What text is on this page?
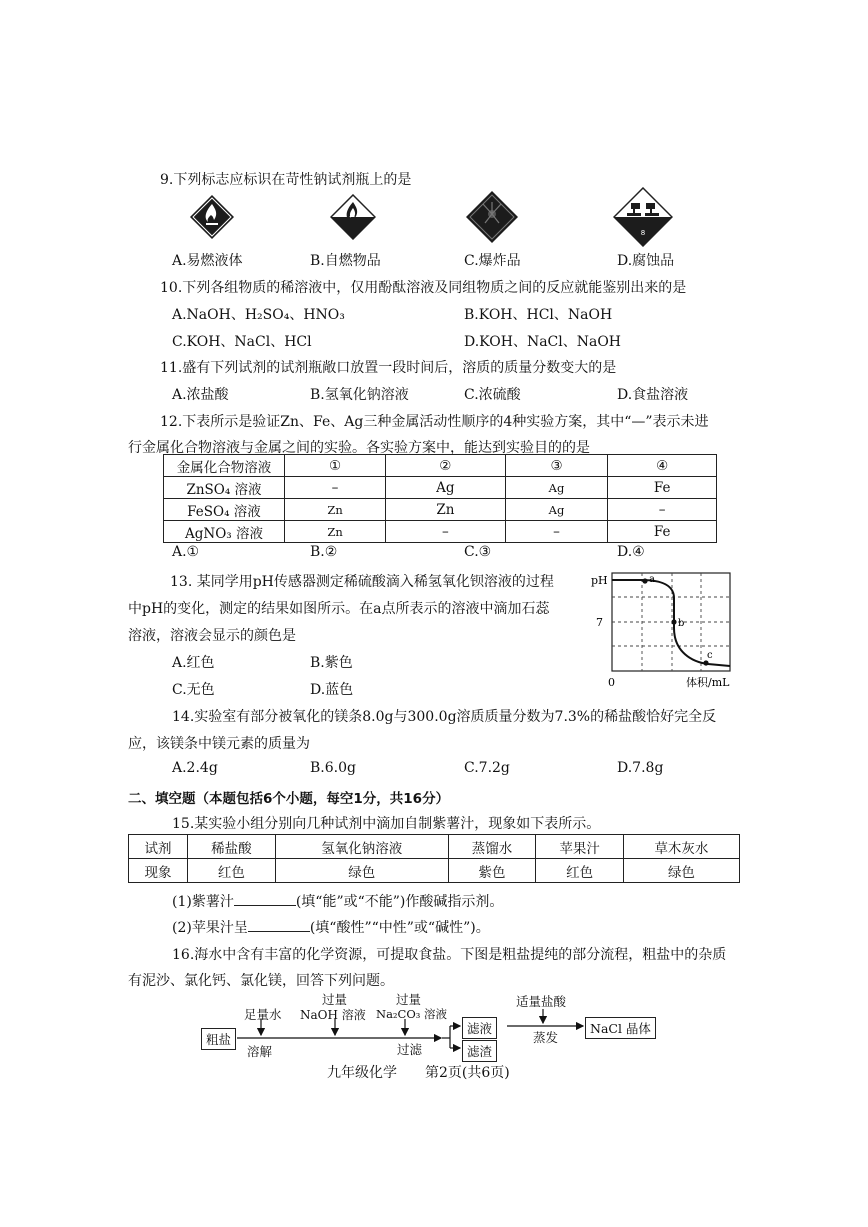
9.下列标志应标识在苛性钠试剂瓶上的是
8
A.易燃液体	B.自燃物品	C.爆炸品	D.腐蚀品
10.下列各组物质的稀溶液中，仅用酚酞溶液及同组物质之间的反应就能鉴别出来的是
A.NaOH、H₂SO₄、HNO₃	B.KOH、HCl、NaOH
C.KOH、NaCl、HCl	D.KOH、NaCl、NaOH
11.盛有下列试剂的试剂瓶敞口放置一段时间后，溶质的质量分数变大的是
A.浓盐酸	B.氢氧化钠溶液	C.浓硫酸	D.食盐溶液
12.下表所示是验证Zn、Fe、Ag三种金属活动性顺序的4种实验方案，其中“—”表示未进
行金属化合物溶液与金属之间的实验。各实验方案中，能达到实验目的的是
金属化合物溶液	①	②	③	④
ZnSO₄ 溶液	–	Ag	Ag	Fe
FeSO₄ 溶液	Zn	Zn	Ag	–
AgNO₃ 溶液	Zn	–	–	Fe
A.①	B.②	C.③	D.④
13. 某同学用pH传感器测定稀硫酸滴入稀氢氧化钡溶液的过程
中pH的变化，测定的结果如图所示。在a点所表示的溶液中滴加石蕊
溶液，溶液会显示的颜色是
A.红色	B.紫色
C.无色	D.蓝色
pH
7
0	体积/mL
a
b
c
14.实验室有部分被氧化的镁条8.0g与300.0g溶质质量分数为7.3%的稀盐酸恰好完全反
应，该镁条中镁元素的质量为
A.2.4g	B.6.0g	C.7.2g	D.7.8g
二、填空题（本题包括6个小题，每空1分，共16分）
15.某实验小组分别向几种试剂中滴加自制紫薯汁，现象如下表所示。
试剂	稀盐酸	氢氧化钠溶液	蒸馏水	苹果汁	草木灰水
现象	红色	绿色	紫色	红色	绿色
(1)紫薯汁	(填“能”或“不能”)作酸碱指示剂。
(2)苹果汁呈	(填“酸性”“中性”或“碱性”)。
16.海水中含有丰富的化学资源，可提取食盐。下图是粗盐提纯的部分流程，粗盐中的杂质
有泥沙、氯化钙、氯化镁，回答下列问题。
粗盐
足量水
溶解
过量
NaOH 溶液
过量
Na₂CO₃ 溶液
过滤
滤液
滤渣
适量盐酸
蒸发
NaCl 晶体
九年级化学　　第2页(共6页)
